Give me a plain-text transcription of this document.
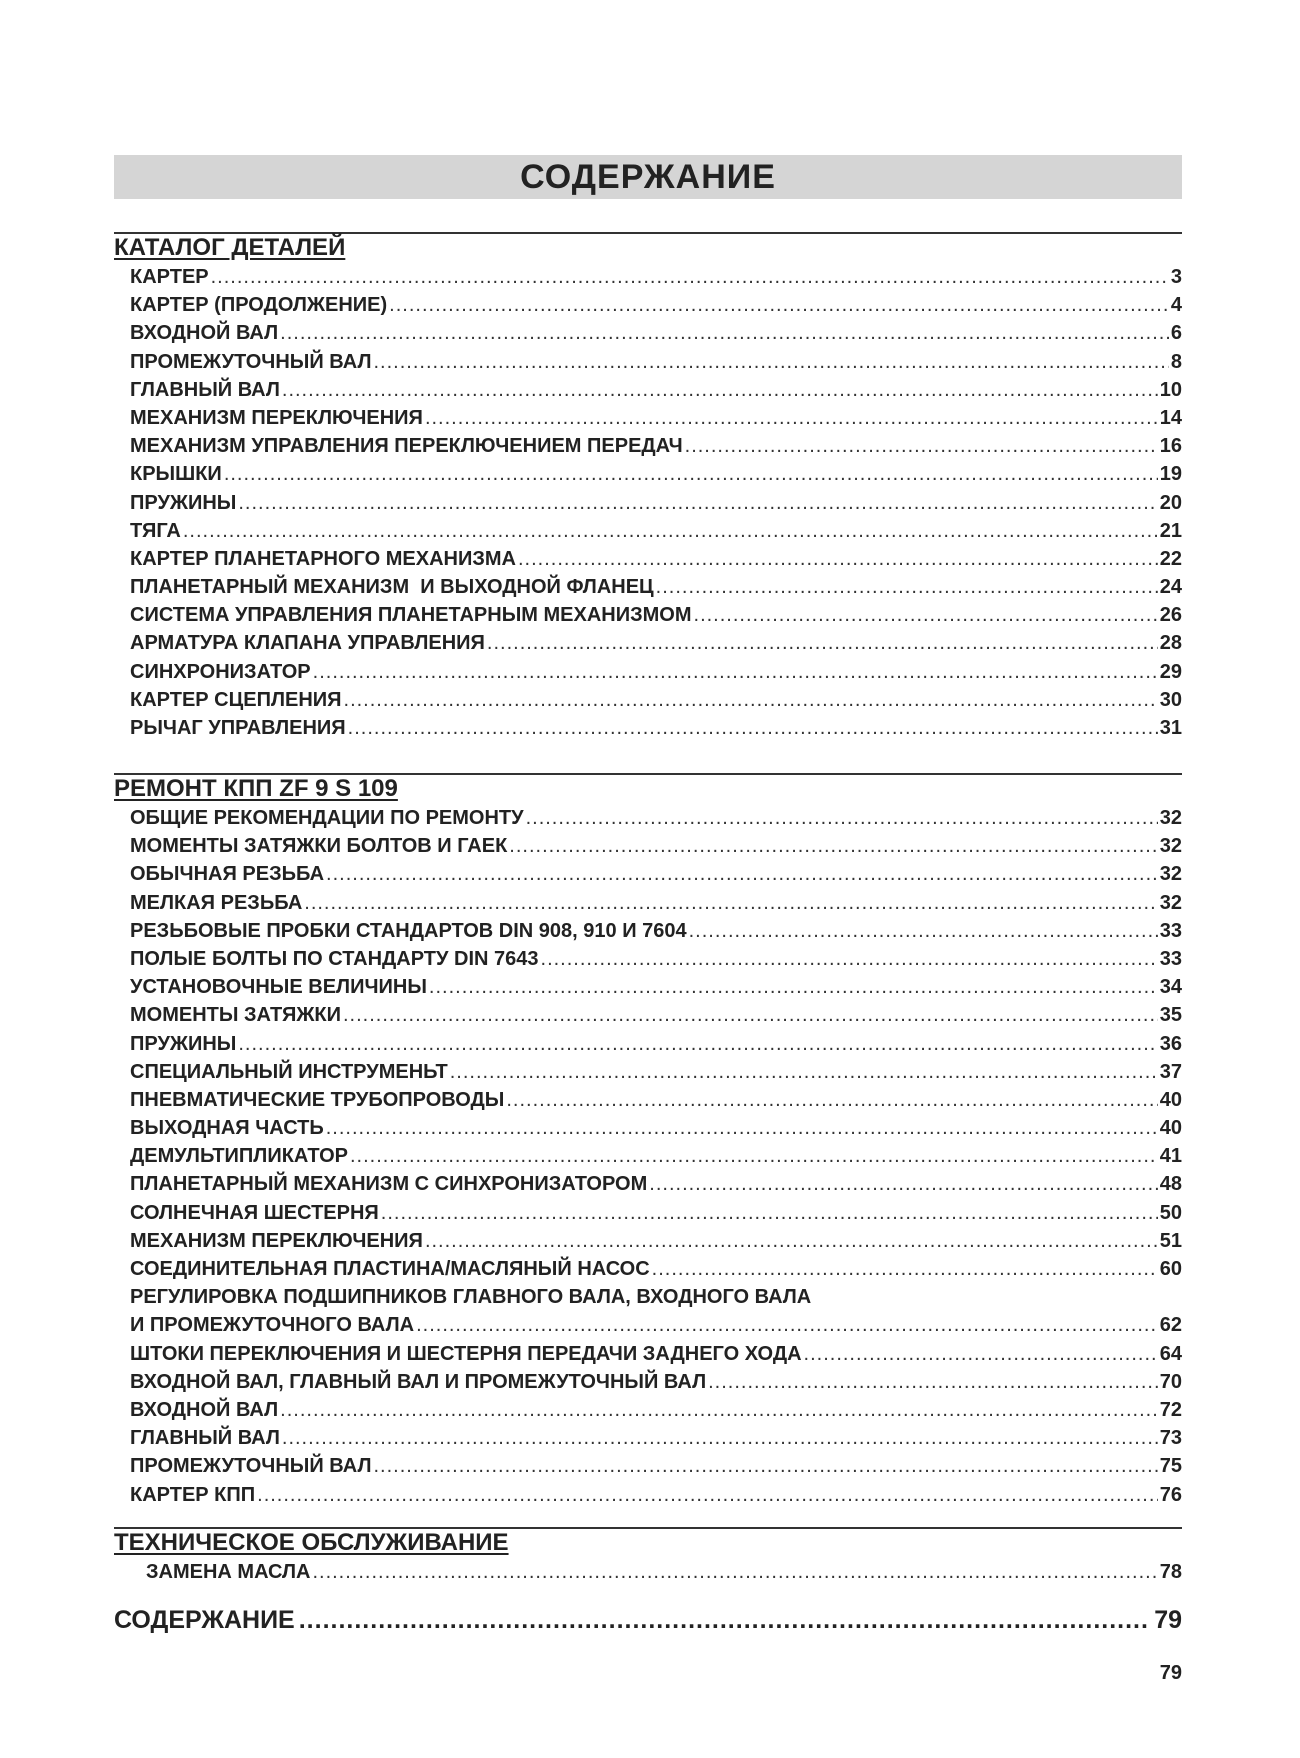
СОДЕРЖАНИЕ
КАТАЛОГ ДЕТАЛЕЙ
КАРТЕР .....	3
КАРТЕР (ПРОДОЛЖЕНИЕ) .....	4
ВХОДНОЙ ВАЛ .....	6
ПРОМЕЖУТОЧНЫЙ ВАЛ .....	8
ГЛАВНЫЙ ВАЛ .....	10
МЕХАНИЗМ ПЕРЕКЛЮЧЕНИЯ .....	14
МЕХАНИЗМ УПРАВЛЕНИЯ ПЕРЕКЛЮЧЕНИЕМ ПЕРЕДАЧ .....	16
КРЫШКИ .....	19
ПРУЖИНЫ .....	20
ТЯГА .....	21
КАРТЕР ПЛАНЕТАРНОГО МЕХАНИЗМА .....	22
ПЛАНЕТАРНЫЙ МЕХАНИЗМ  И ВЫХОДНОЙ ФЛАНЕЦ .....	24
СИСТЕМА УПРАВЛЕНИЯ ПЛАНЕТАРНЫМ МЕХАНИЗМОМ .....	26
АРМАТУРА КЛАПАНА УПРАВЛЕНИЯ .....	28
СИНХРОНИЗАТОР .....	29
КАРТЕР СЦЕПЛЕНИЯ .....	30
РЫЧАГ УПРАВЛЕНИЯ .....	31
РЕМОНТ КПП ZF 9 S 109
ОБЩИЕ РЕКОМЕНДАЦИИ ПО РЕМОНТУ .....	32
МОМЕНТЫ ЗАТЯЖКИ БОЛТОВ И ГАЕК .....	32
ОБЫЧНАЯ РЕЗЬБА .....	32
МЕЛКАЯ РЕЗЬБА .....	32
РЕЗЬБОВЫЕ ПРОБКИ СТАНДАРТОВ DIN 908, 910 И 7604 .....	33
ПОЛЫЕ БОЛТЫ ПО СТАНДАРТУ DIN 7643 .....	33
УСТАНОВОЧНЫЕ ВЕЛИЧИНЫ .....	34
МОМЕНТЫ ЗАТЯЖКИ .....	35
ПРУЖИНЫ .....	36
СПЕЦИАЛЬНЫЙ ИНСТРУМЕНЬТ .....	37
ПНЕВМАТИЧЕСКИЕ ТРУБОПРОВОДЫ .....	40
ВЫХОДНАЯ ЧАСТЬ .....	40
ДЕМУЛЬТИПЛИКАТОР .....	41
ПЛАНЕТАРНЫЙ МЕХАНИЗМ С СИНХРОНИЗАТОРОМ .....	48
СОЛНЕЧНАЯ ШЕСТЕРНЯ .....	50
МЕХАНИЗМ ПЕРЕКЛЮЧЕНИЯ .....	51
СОЕДИНИТЕЛЬНАЯ ПЛАСТИНА/МАСЛЯНЫЙ НАСОС .....	60
РЕГУЛИРОВКА ПОДШИПНИКОВ ГЛАВНОГО ВАЛА, ВХОДНОГО ВАЛА
И ПРОМЕЖУТОЧНОГО ВАЛА .....	62
ШТОКИ ПЕРЕКЛЮЧЕНИЯ И ШЕСТЕРНЯ ПЕРЕДАЧИ ЗАДНЕГО ХОДА .....	64
ВХОДНОЙ ВАЛ, ГЛАВНЫЙ ВАЛ И ПРОМЕЖУТОЧНЫЙ ВАЛ .....	70
ВХОДНОЙ ВАЛ .....	72
ГЛАВНЫЙ ВАЛ .....	73
ПРОМЕЖУТОЧНЫЙ ВАЛ .....	75
КАРТЕР КПП .....	76
ТЕХНИЧЕСКОЕ ОБСЛУЖИВАНИЕ
ЗАМЕНА МАСЛА .....	78
СОДЕРЖАНИЕ .....	79
79
